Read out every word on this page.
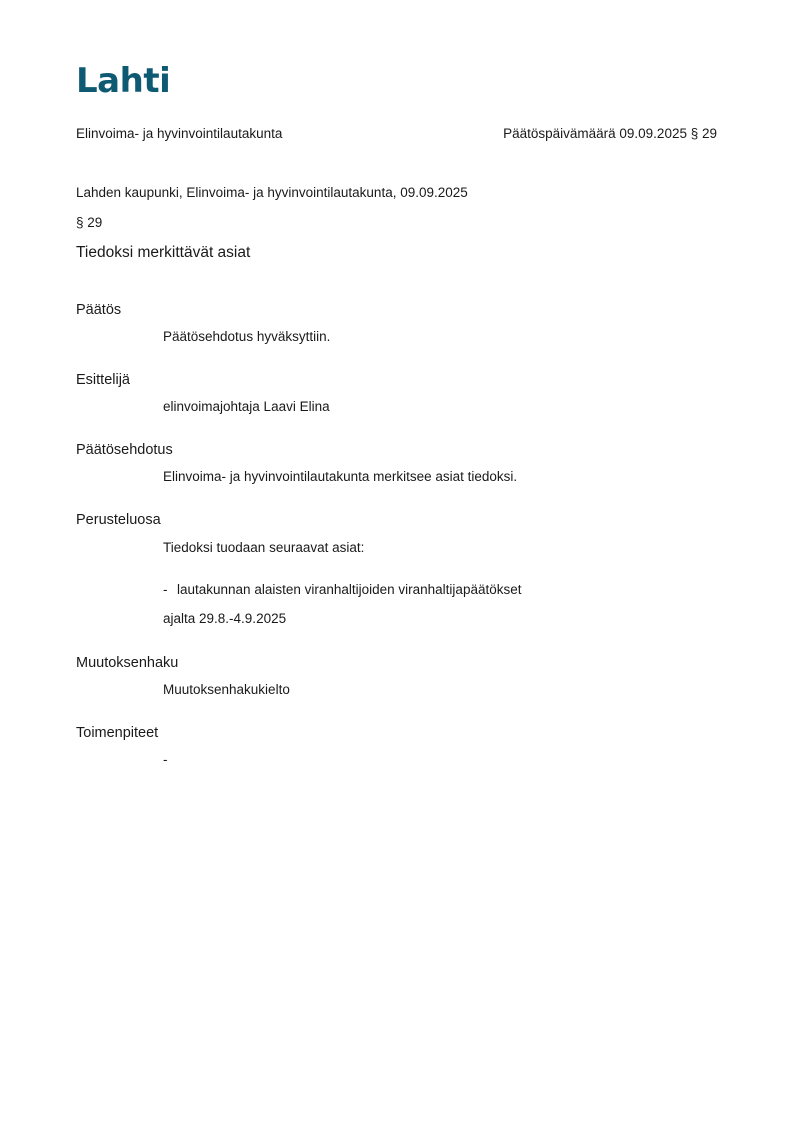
Lahti
Elinvoima- ja hyvinvointilautakunta	Päätöspäivämäärä 09.09.2025 § 29
Lahden kaupunki, Elinvoima- ja hyvinvointilautakunta, 09.09.2025
§ 29
Tiedoksi merkittävät asiat
Päätös
Päätösehdotus hyväksyttiin.
Esittelijä
elinvoimajohtaja Laavi Elina
Päätösehdotus
Elinvoima- ja hyvinvointilautakunta merkitsee asiat tiedoksi.
Perusteluosa
Tiedoksi tuodaan seuraavat asiat:
- lautakunnan alaisten viranhaltijoiden viranhaltijapäätökset
ajalta 29.8.-4.9.2025
Muutoksenhaku
Muutoksenhakukielto
Toimenpiteet
-
